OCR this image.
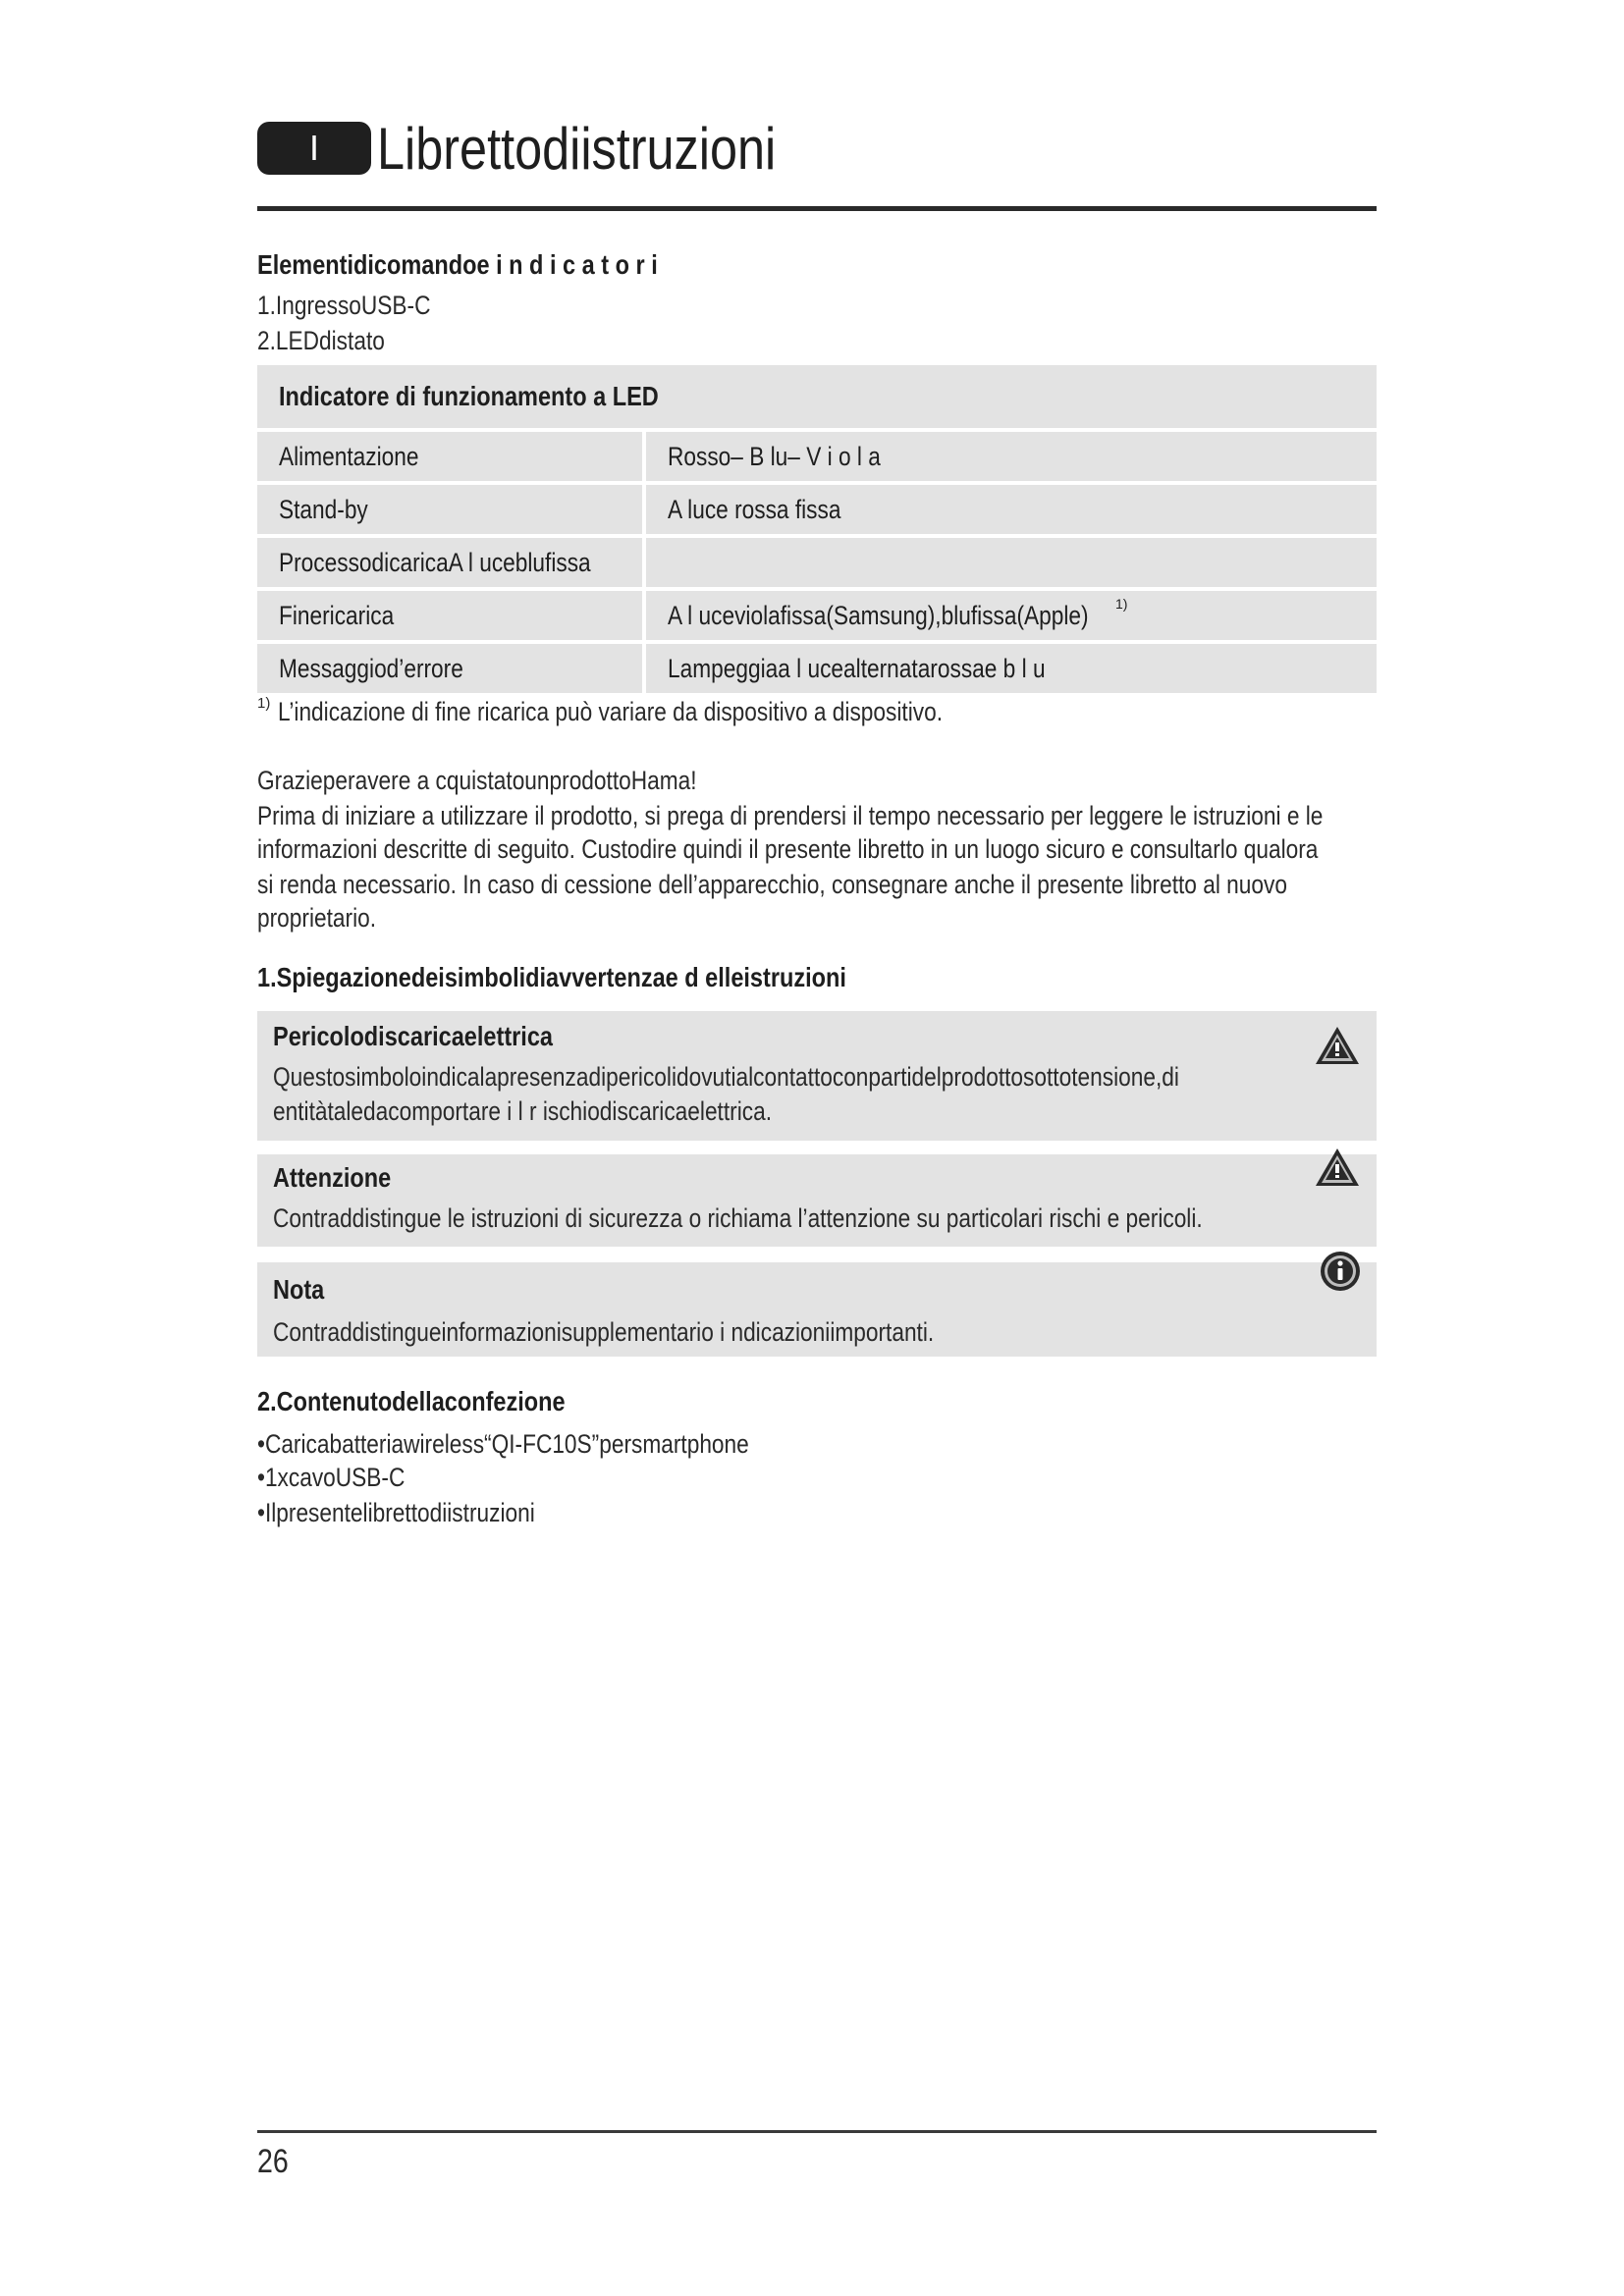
I Librettodiistruzioni
Elementidicomandoe i n d i c a t o r i
1.IngressoUSB-C
2.LEDdistato
Indicatore di funzionamento a LED
Alimentazione	Rosso– B lu– V i o l a
Stand-by	A luce rossa fissa
ProcessodicaricaA l uceblufissa
Finericarica	A l uceviolafissa(Samsung),blufissa(Apple) 1)
Messaggiod’errore	Lampeggiaa l ucealternatarossae b l u
$^{1)}$ L’indicazione di fine ricarica può variare da dispositivo a dispositivo.
Grazieperavere a cquistatounprodottoHama!
Prima di iniziare a utilizzare il prodotto, si prega di prendersi il tempo necessario per leggere le istruzioni e le
informazioni descritte di seguito. Custodire quindi il presente libretto in un luogo sicuro e consultarlo qualora
si renda necessario. In caso di cessione dell’apparecchio, consegnare anche il presente libretto al nuovo
proprietario.
1.Spiegazionedeisimbolidiavvertenzae d elleistruzioni
Pericolodiscaricaelettrica
Questosimboloindicalapresenzadipericolidovutialcontattoconpartidelprodottosottotensione,di
entitàtaledacomportare i l r ischiodiscaricaelettrica.
Attenzione
Contraddistingue le istruzioni di sicurezza o richiama l’attenzione su particolari rischi e pericoli.
Nota
Contraddistingueinformazionisupplementario i ndicazioniimportanti.
2.Contenutodellaconfezione
•Caricabatteriawireless“QI-FC10S”persmartphone
•1xcavoUSB-C
•Ilpresentelibrettodiistruzioni
26
